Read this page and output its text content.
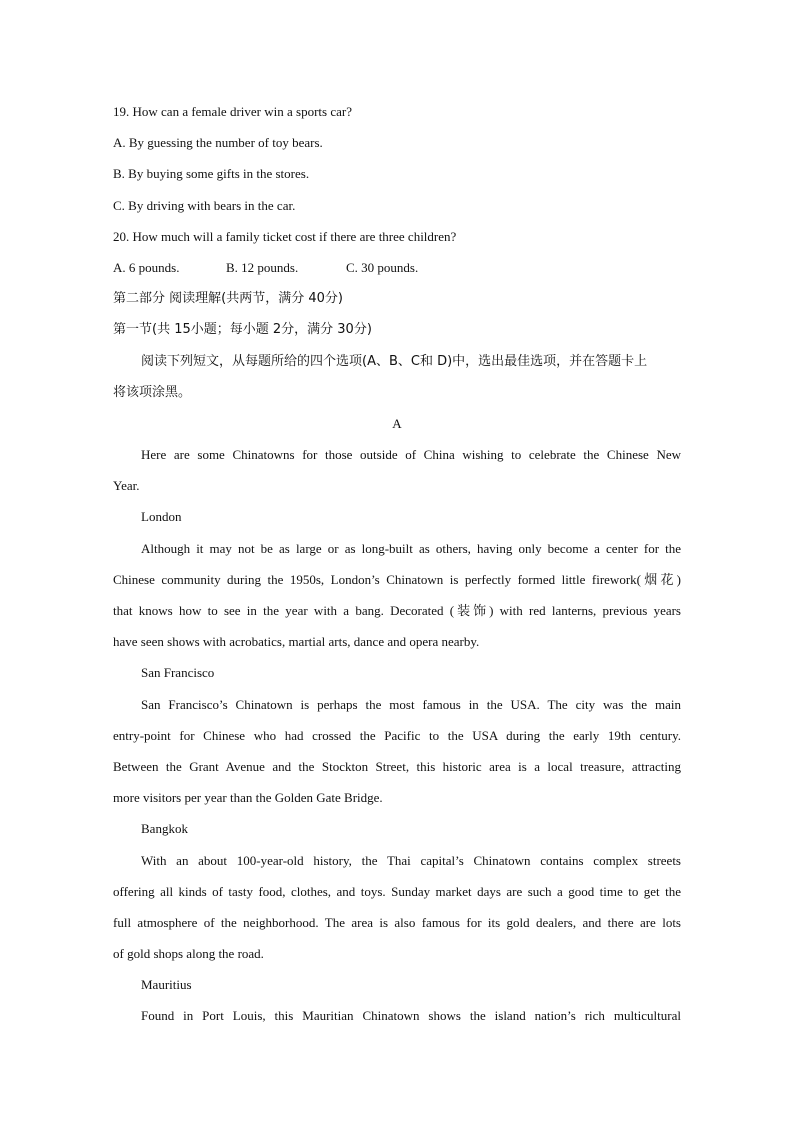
19. How can a female driver win a sports car?
A. By guessing the number of toy bears.
B. By buying some gifts in the stores.
C. By driving with bears in the car.
20. How much will a family ticket cost if there are three children?
A. 6 pounds.	B. 12 pounds.	C. 30 pounds.
第二部分 阅读理解(共两节，满分 40分)
第一节(共 15小题；每小题 2分，满分 30分)
阅读下列短文，从每题所给的四个选项(A、B、C和 D)中，选出最佳选项，并在答题卡上
将该项涂黑。
A
Here are some Chinatowns for those outside of China wishing to celebrate the Chinese New
Year.
London
Although it may not be as large or as long-built as others, having only become a center for the
Chinese community during the 1950s, London’s Chinatown is perfectly formed little firework(烟花)
that knows how to see in the year with a bang. Decorated (装饰) with red lanterns, previous years
have seen shows with acrobatics, martial arts, dance and opera nearby.
San Francisco
San Francisco’s Chinatown is perhaps the most famous in the USA. The city was the main
entry-point for Chinese who had crossed the Pacific to the USA during the early 19th century.
Between the Grant Avenue and the Stockton Street, this historic area is a local treasure, attracting
more visitors per year than the Golden Gate Bridge.
Bangkok
With an about 100-year-old history, the Thai capital’s Chinatown contains complex streets
offering all kinds of tasty food, clothes, and toys. Sunday market days are such a good time to get the
full atmosphere of the neighborhood. The area is also famous for its gold dealers, and there are lots
of gold shops along the road.
Mauritius
Found in Port Louis, this Mauritian Chinatown shows the island nation’s rich multicultural
